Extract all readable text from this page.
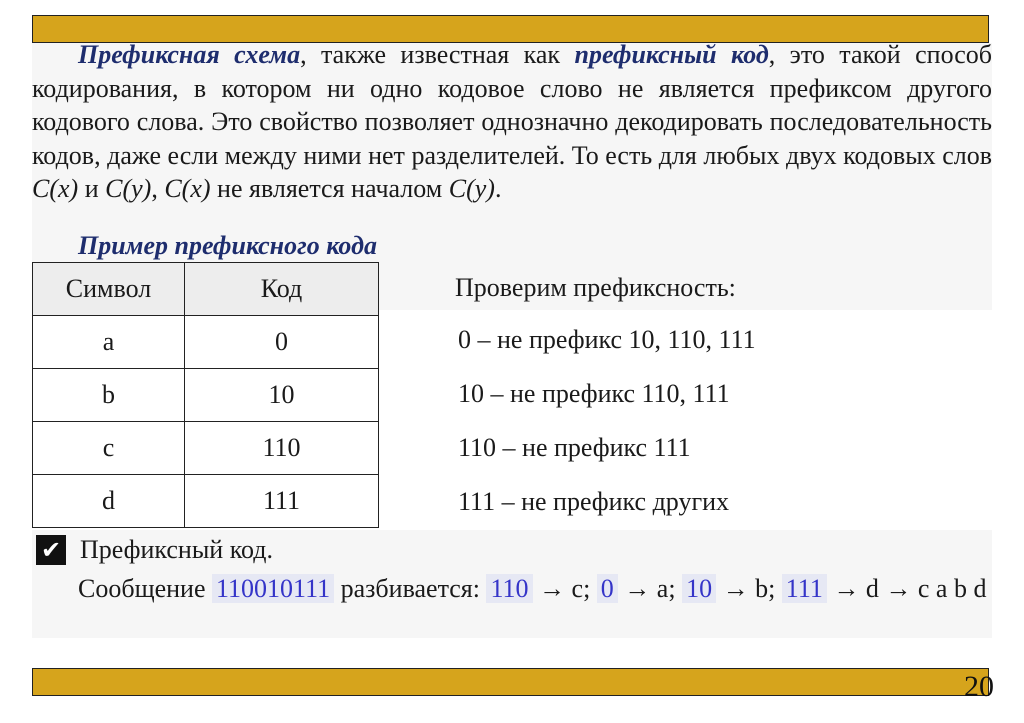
Префиксная схема, также известная как префиксный код, это такой способ кодирования, в котором ни одно кодовое слово не является префиксом другого кодового слова. Это свойство позволяет однозначно декодировать последовательность кодов, даже если между ними нет разделителей. То есть для любых двух кодовых слов C(x) и C(y), C(x) не является началом C(y).

Пример префиксного кода
Символ	Код
a	0
b	10
c	110
d	111
Проверим префиксность:
0 – не префикс 10, 110, 111
10 – не префикс 110, 111
110 – не префикс 111
111 – не префикс других
✔ Префиксный код.

Сообщение 110010111 разбивается: 110 → c; 0 → a; 10 → b; 111 → d → c a b d

20
